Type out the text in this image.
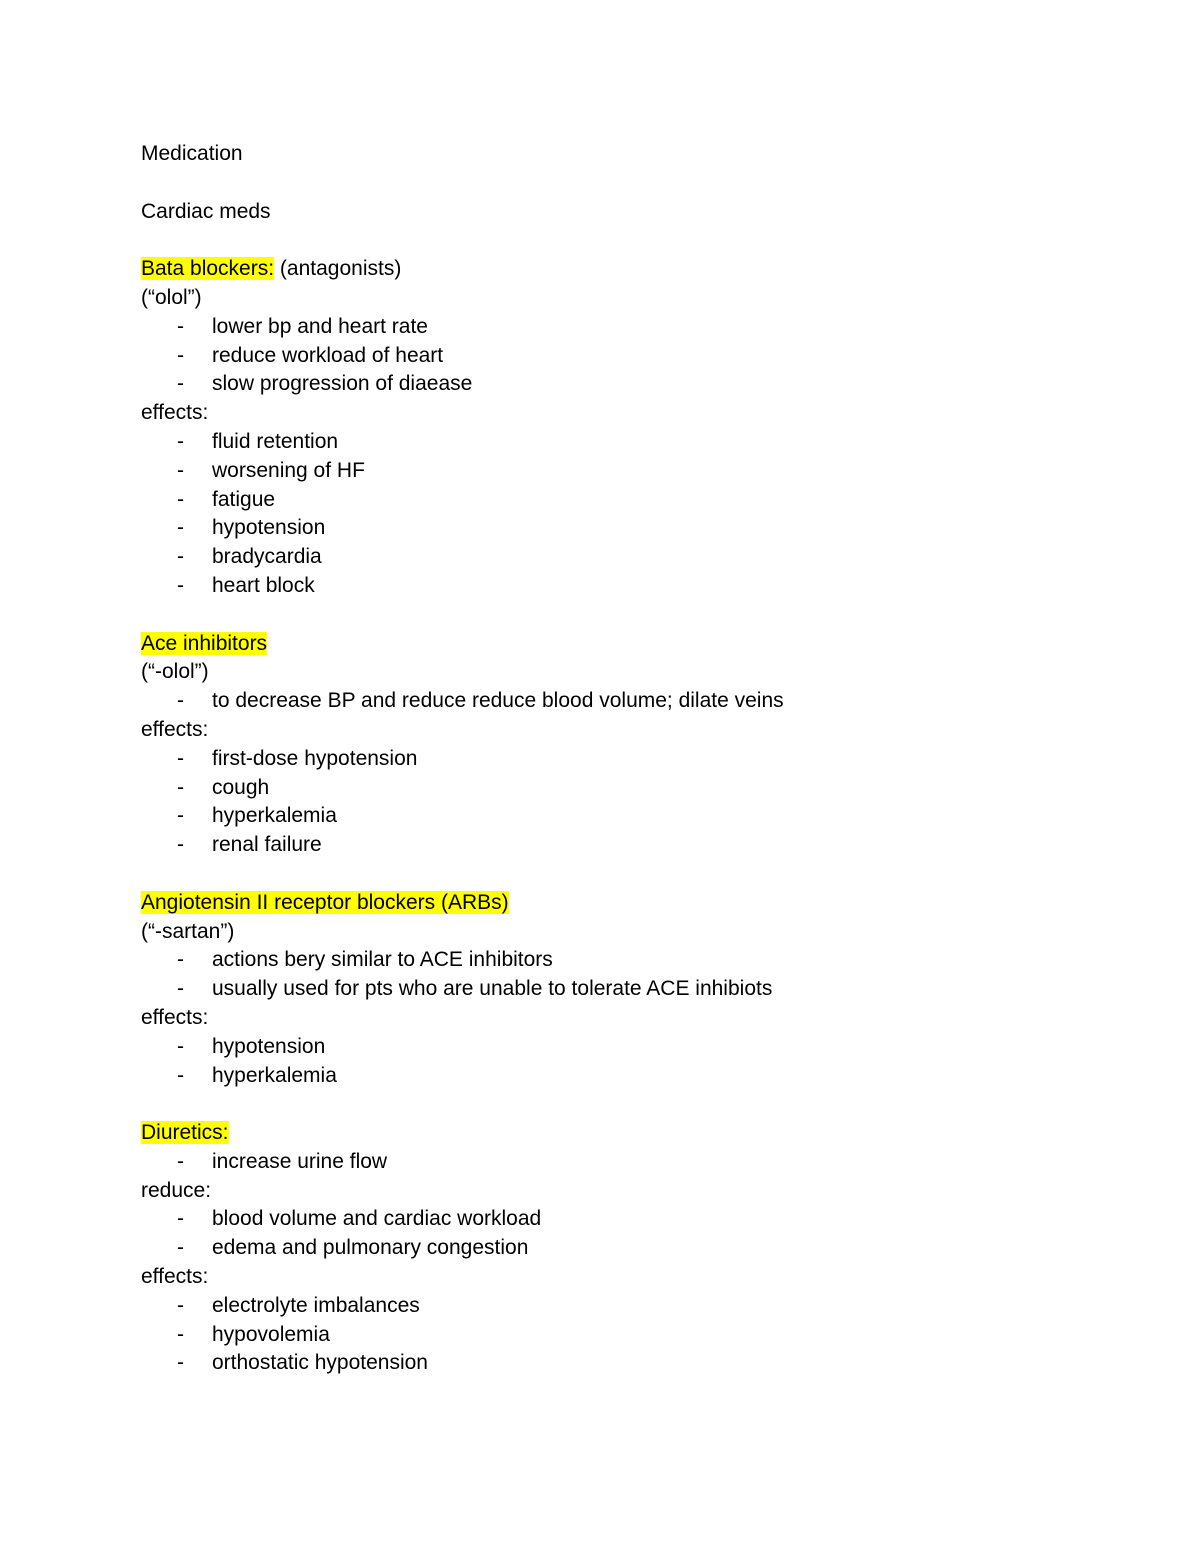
Medication
Cardiac meds
Bata blockers: (antagonists)
(“olol”)
- lower bp and heart rate
- reduce workload of heart
- slow progression of diaease
effects:
- fluid retention
- worsening of HF
- fatigue
- hypotension
- bradycardia
- heart block
Ace inhibitors
(“-olol”)
- to decrease BP and reduce reduce blood volume; dilate veins
effects:
- first-dose hypotension
- cough
- hyperkalemia
- renal failure
Angiotensin II receptor blockers (ARBs)
(“-sartan”)
- actions bery similar to ACE inhibitors
- usually used for pts who are unable to tolerate ACE inhibiots
effects:
- hypotension
- hyperkalemia
Diuretics:
- increase urine flow
reduce:
- blood volume and cardiac workload
- edema and pulmonary congestion
effects:
- electrolyte imbalances
- hypovolemia
- orthostatic hypotension
